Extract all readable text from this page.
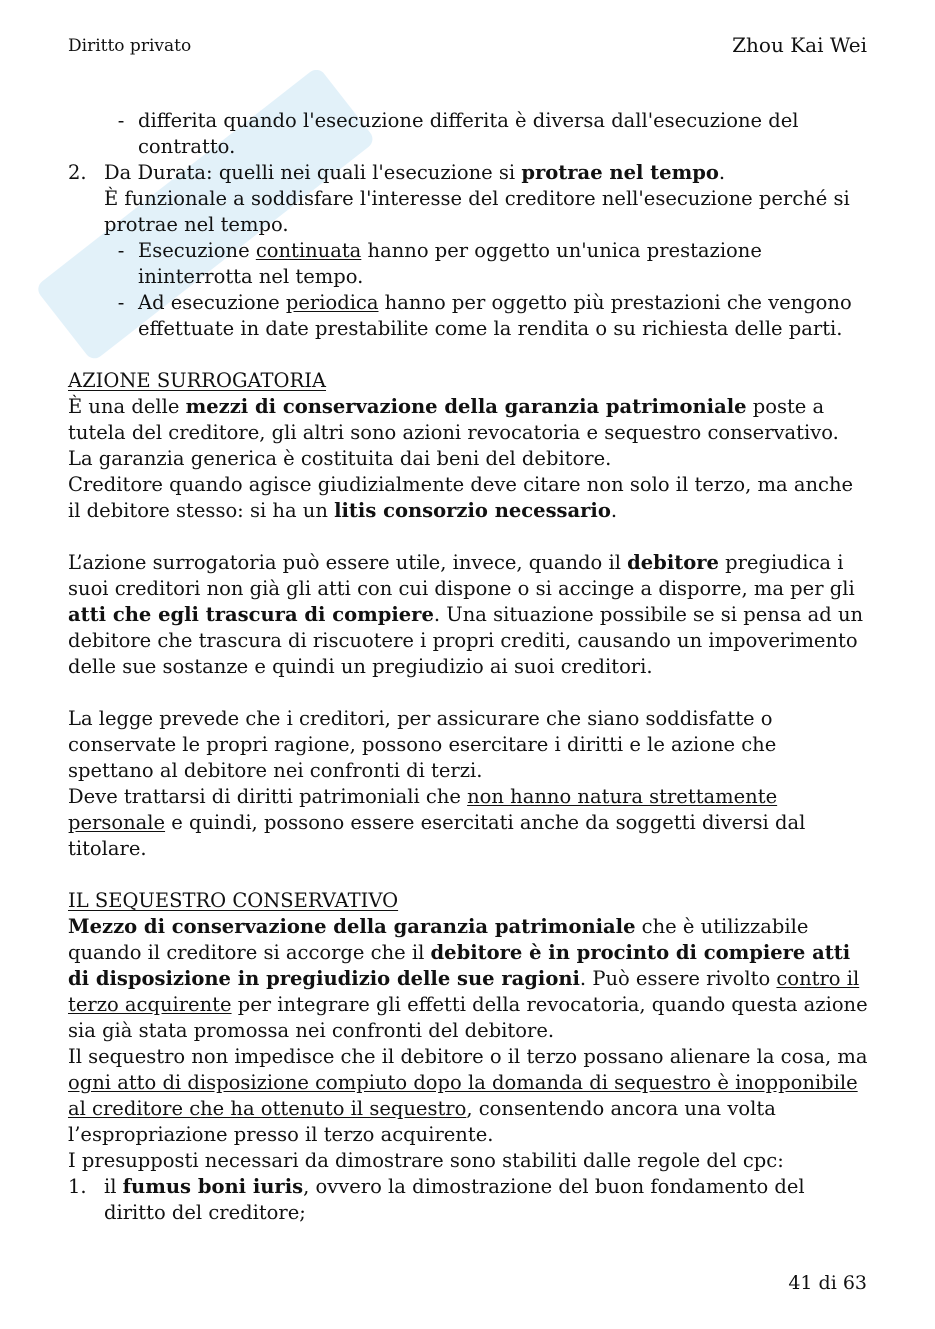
Diritto privato	Zhou Kai Wei
- differita quando l'esecuzione differita è diversa dall'esecuzione del contratto.
2. Da Durata: quelli nei quali l'esecuzione si protrae nel tempo.

È funzionale a soddisfare l'interesse del creditore nell'esecuzione perché si protrae nel tempo.

- Esecuzione continuata hanno per oggetto un'unica prestazione ininterrotta nel tempo.
- Ad esecuzione periodica hanno per oggetto più prestazioni che vengono effettuate in date prestabilite come la rendita o su richiesta delle parti.

AZIONE SURROGATORIA

È una delle mezzi di conservazione della garanzia patrimoniale poste a tutela del creditore, gli altri sono azioni revocatoria e sequestro conservativo.

La garanzia generica è costituita dai beni del debitore.

Creditore quando agisce giudizialmente deve citare non solo il terzo, ma anche il debitore stesso: si ha un litis consorzio necessario.

L’azione surrogatoria può essere utile, invece, quando il debitore pregiudica i suoi creditori non già gli atti con cui dispone o si accinge a disporre, ma per gli atti che egli trascura di compiere. Una situazione possibile se si pensa ad un debitore che trascura di riscuotere i propri crediti, causando un impoverimento delle sue sostanze e quindi un pregiudizio ai suoi creditori.

La legge prevede che i creditori, per assicurare che siano soddisfatte o conservate le propri ragione, possono esercitare i diritti e le azione che spettano al debitore nei confronti di terzi.

Deve trattarsi di diritti patrimoniali che non hanno natura strettamente personale e quindi, possono essere esercitati anche da soggetti diversi dal titolare.

IL SEQUESTRO CONSERVATIVO

Mezzo di conservazione della garanzia patrimoniale che è utilizzabile quando il creditore si accorge che il debitore è in procinto di compiere atti di disposizione in pregiudizio delle sue ragioni. Può essere rivolto contro il terzo acquirente per integrare gli effetti della revocatoria, quando questa azione sia già stata promossa nei confronti del debitore.

Il sequestro non impedisce che il debitore o il terzo possano alienare la cosa, ma ogni atto di disposizione compiuto dopo la domanda di sequestro è inopponibile al creditore che ha ottenuto il sequestro, consentendo ancora una volta l’espropriazione presso il terzo acquirente.

I presupposti necessari da dimostrare sono stabiliti dalle regole del cpc:

1. il fumus boni iuris, ovvero la dimostrazione del buon fondamento del diritto del creditore;
41 di 63
